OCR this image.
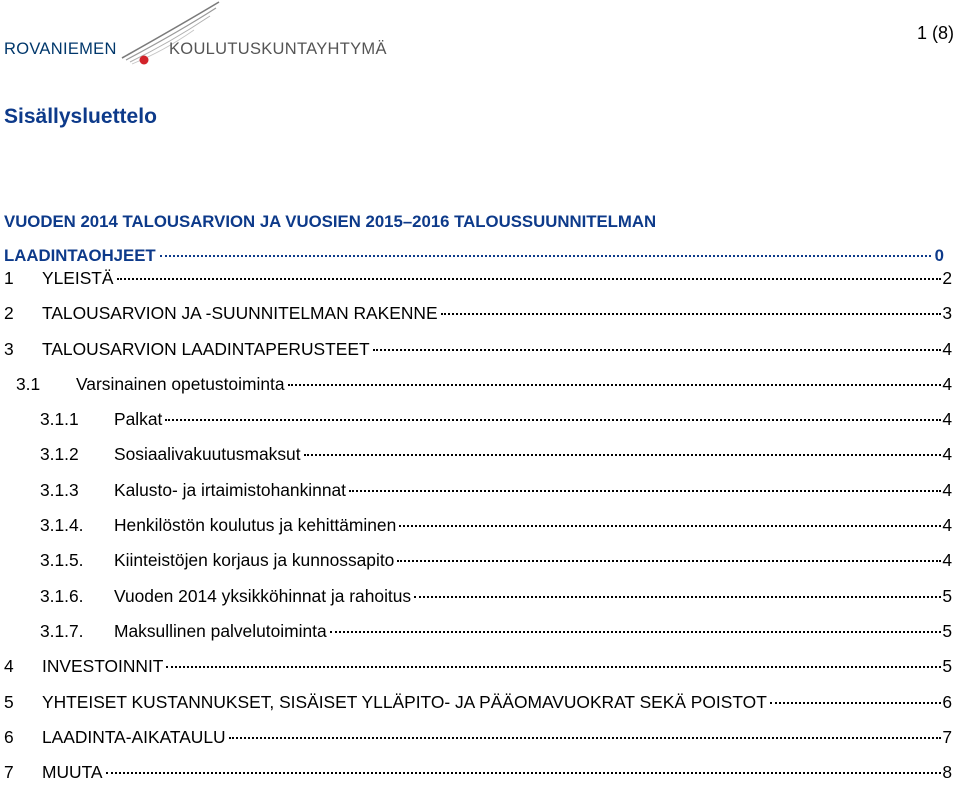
ROVANIEMEN	KOULUTUSKUNTAYHTYMÄ
1 (8)
Sisällysluettelo
VUODEN 2014 TALOUSARVION JA VUOSIEN 2015–2016 TALOUSSUUNNITELMAN
LAADINTAOHJEET	0
1	YLEISTÄ	2
2	TALOUSARVION JA -SUUNNITELMAN RAKENNE	3
3	TALOUSARVION LAADINTAPERUSTEET	4
3.1	Varsinainen opetustoiminta	4
3.1.1	Palkat	4
3.1.2	Sosiaalivakuutusmaksut	4
3.1.3	Kalusto- ja irtaimistohankinnat	4
3.1.4.	Henkilöstön koulutus ja kehittäminen	4
3.1.5.	Kiinteistöjen korjaus ja kunnossapito	4
3.1.6.	Vuoden 2014 yksikköhinnat ja rahoitus	5
3.1.7.	Maksullinen palvelutoiminta	5
4	INVESTOINNIT	5
5	YHTEISET KUSTANNUKSET, SISÄISET YLLÄPITO- JA PÄÄOMAVUOKRAT SEKÄ POISTOT	6
6	LAADINTA-AIKATAULU	7
7	MUUTA	8
